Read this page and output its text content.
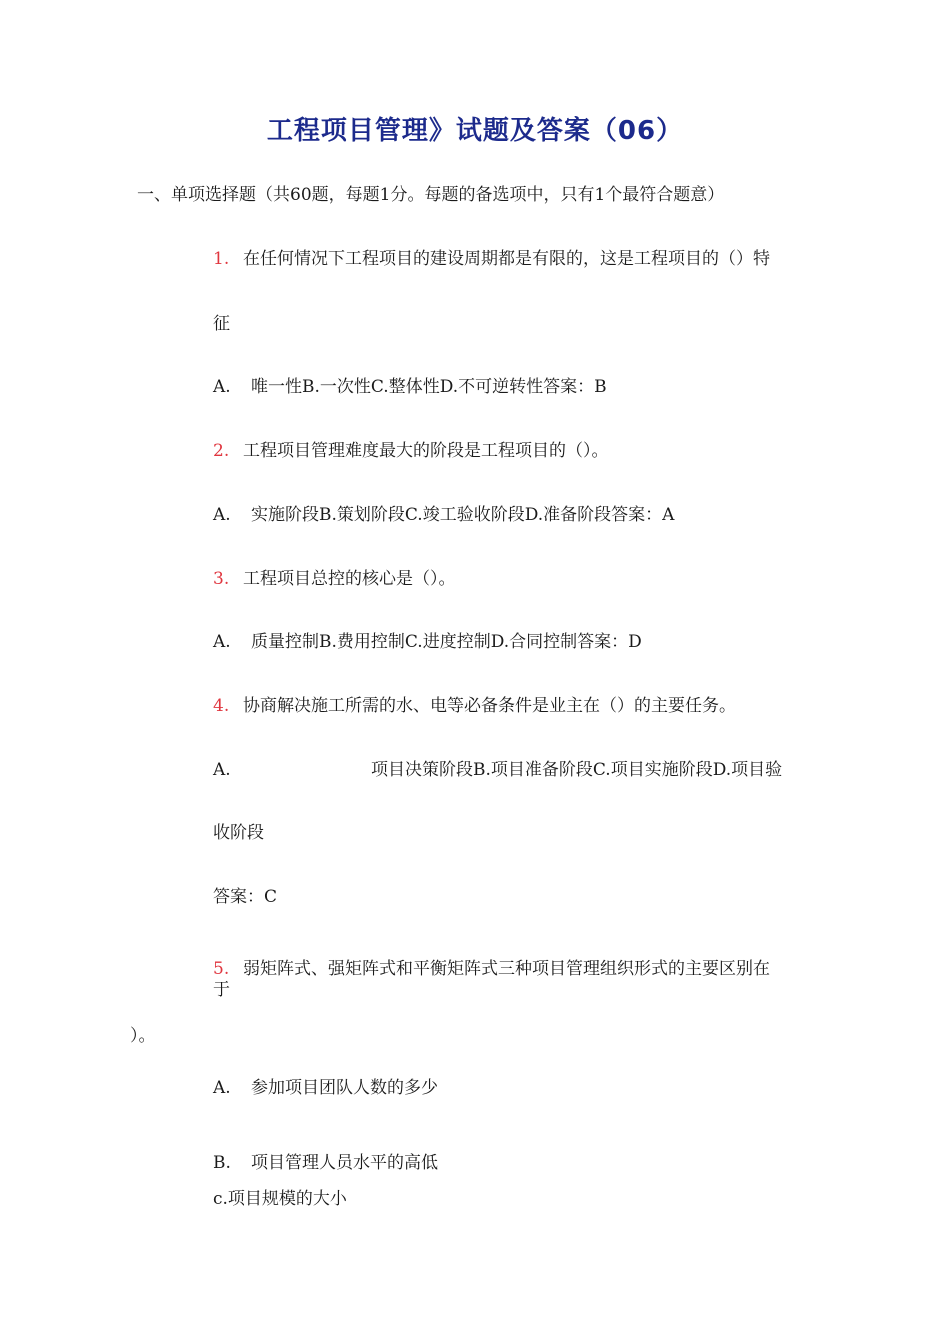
工程项目管理》试题及答案（06）
一、单项选择题（共60题，每题1分。每题的备选项中，只有1个最符合题意）
1. 在任何情况下工程项目的建设周期都是有限的，这是工程项目的（）特
征
A. 唯一性B.一次性C.整体性D.不可逆转性答案：B
2. 工程项目管理难度最大的阶段是工程项目的（）。
A. 实施阶段B.策划阶段C.竣工验收阶段D.准备阶段答案：A
3. 工程项目总控的核心是（）。
A. 质量控制B.费用控制C.进度控制D.合同控制答案：D
4. 协商解决施工所需的水、电等必备条件是业主在（）的主要任务。
A.	项目决策阶段B.项目准备阶段C.项目实施阶段D.项目验
收阶段
答案：C
5. 弱矩阵式、强矩阵式和平衡矩阵式三种项目管理组织形式的主要区别在
于
）。
A. 参加项目团队人数的多少
B. 项目管理人员水平的高低
c.项目规模的大小
